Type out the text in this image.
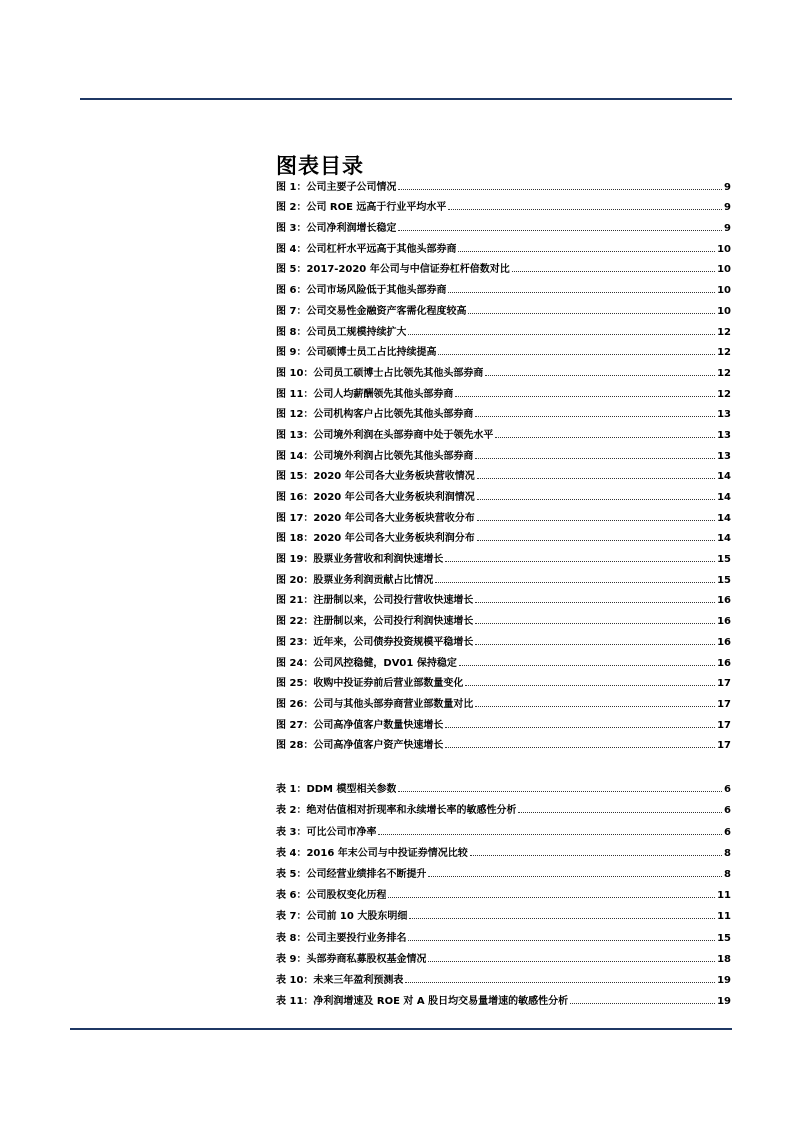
图表目录
图 1：公司主要子公司情况	9
图 2：公司 ROE 远高于行业平均水平	9
图 3：公司净利润增长稳定	9
图 4：公司杠杆水平远高于其他头部券商	10
图 5：2017-2020 年公司与中信证券杠杆倍数对比	10
图 6：公司市场风险低于其他头部券商	10
图 7：公司交易性金融资产客需化程度较高	10
图 8：公司员工规模持续扩大	12
图 9：公司硕博士员工占比持续提高	12
图 10：公司员工硕博士占比领先其他头部券商	12
图 11：公司人均薪酬领先其他头部券商	12
图 12：公司机构客户占比领先其他头部券商	13
图 13：公司境外利润在头部券商中处于领先水平	13
图 14：公司境外利润占比领先其他头部券商	13
图 15：2020 年公司各大业务板块营收情况	14
图 16：2020 年公司各大业务板块利润情况	14
图 17：2020 年公司各大业务板块营收分布	14
图 18：2020 年公司各大业务板块利润分布	14
图 19：股票业务营收和利润快速增长	15
图 20：股票业务利润贡献占比情况	15
图 21：注册制以来，公司投行营收快速增长	16
图 22：注册制以来，公司投行利润快速增长	16
图 23：近年来，公司债券投资规模平稳增长	16
图 24：公司风控稳健，DV01 保持稳定	16
图 25：收购中投证券前后营业部数量变化	17
图 26：公司与其他头部券商营业部数量对比	17
图 27：公司高净值客户数量快速增长	17
图 28：公司高净值客户资产快速增长	17
表 1：DDM 模型相关参数	6
表 2：绝对估值相对折现率和永续增长率的敏感性分析	6
表 3：可比公司市净率	6
表 4：2016 年末公司与中投证券情况比较	8
表 5：公司经营业绩排名不断提升	8
表 6：公司股权变化历程	11
表 7：公司前 10 大股东明细	11
表 8：公司主要投行业务排名	15
表 9：头部券商私募股权基金情况	18
表 10：未来三年盈利预测表	19
表 11：净利润增速及 ROE 对 A 股日均交易量增速的敏感性分析	19
